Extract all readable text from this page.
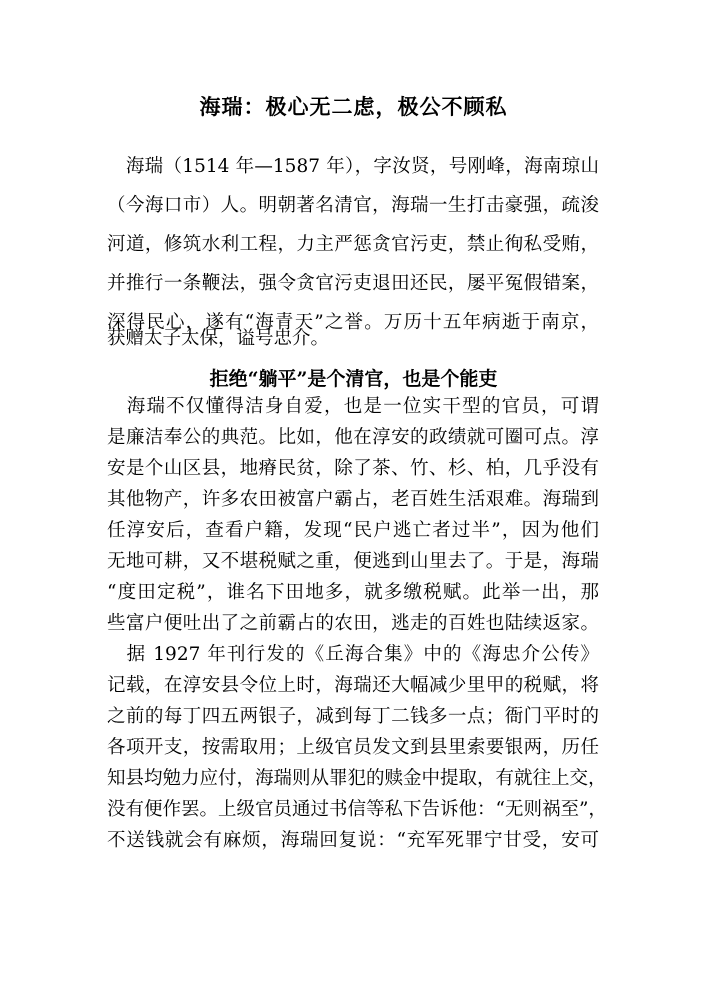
海瑞：极心无二虑，极公不顾私
　海瑞（1514 年—1587 年），字汝贤，号刚峰，海南琼山
（今海口市）人。明朝著名清官，海瑞一生打击豪强，疏浚
河道，修筑水利工程，力主严惩贪官污吏，禁止徇私受贿，
并推行一条鞭法，强令贪官污吏退田还民，屡平冤假错案，
深得民心，遂有“海青天”之誉。万历十五年病逝于南京，
获赠太子太保，谥号忠介。
拒绝“躺平”是个清官，也是个能吏
　海瑞不仅懂得洁身自爱，也是一位实干型的官员，可谓
是廉洁奉公的典范。比如，他在淳安的政绩就可圈可点。淳
安是个山区县，地瘠民贫，除了茶、竹、杉、柏，几乎没有
其他物产，许多农田被富户霸占，老百姓生活艰难。海瑞到
任淳安后，查看户籍，发现“民户逃亡者过半”，因为他们
无地可耕，又不堪税赋之重，便逃到山里去了。于是，海瑞
“度田定税”，谁名下田地多，就多缴税赋。此举一出，那
些富户便吐出了之前霸占的农田，逃走的百姓也陆续返家。
　据 1927 年刊行发的《丘海合集》中的《海忠介公传》
记载，在淳安县令位上时，海瑞还大幅减少里甲的税赋，将
之前的每丁四五两银子，减到每丁二钱多一点；衙门平时的
各项开支，按需取用；上级官员发文到县里索要银两，历任
知县均勉力应付，海瑞则从罪犯的赎金中提取，有就往上交，
没有便作罢。上级官员通过书信等私下告诉他：“无则祸至”，
不送钱就会有麻烦，海瑞回复说：“充军死罪宁甘受，安可
